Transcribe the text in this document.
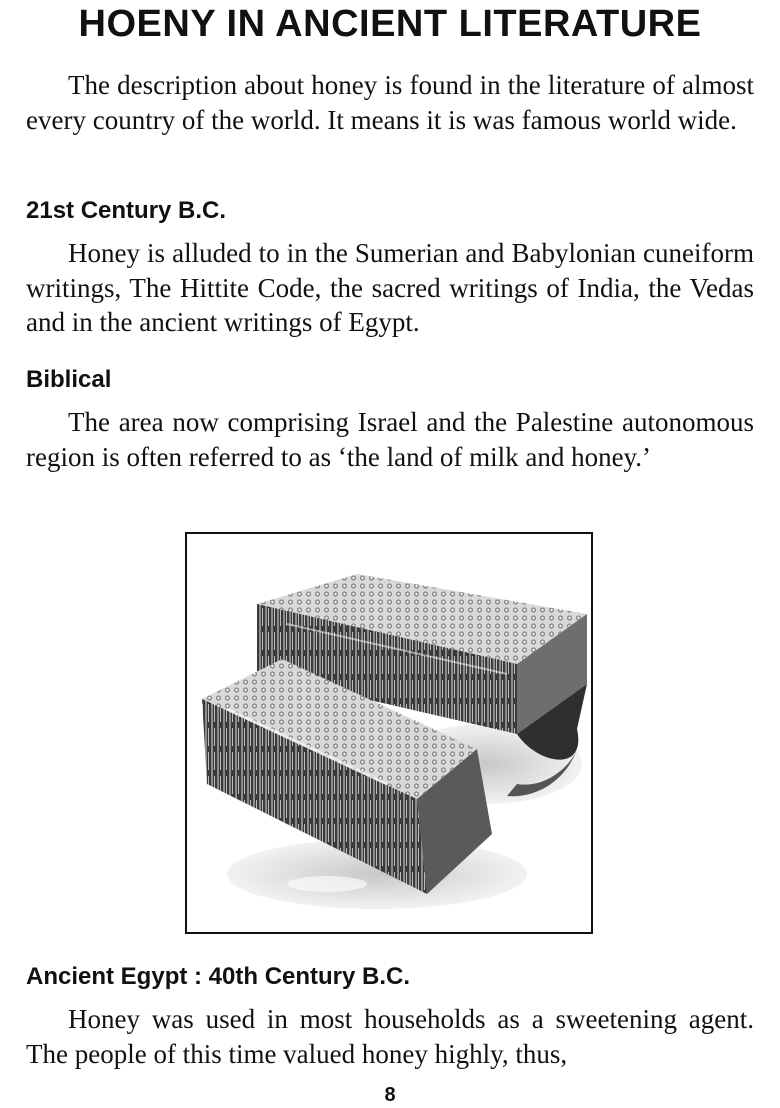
HOENY IN ANCIENT LITERATURE

The description about honey is found in the literature of almost every country of the world. It means it is was famous world wide.

21st Century B.C.

Honey is alluded to in the Sumerian and Babylonian cuneiform writings, The Hittite Code, the sacred writings of India, the Vedas and in the ancient writings of Egypt.

Biblical

The area now comprising Israel and the Palestine autonomous region is often referred to as ‘the land of milk and honey.’

Ancient Egypt : 40th Century B.C.

Honey was used in most households as a sweetening agent. The people of this time valued honey highly, thus,

8
